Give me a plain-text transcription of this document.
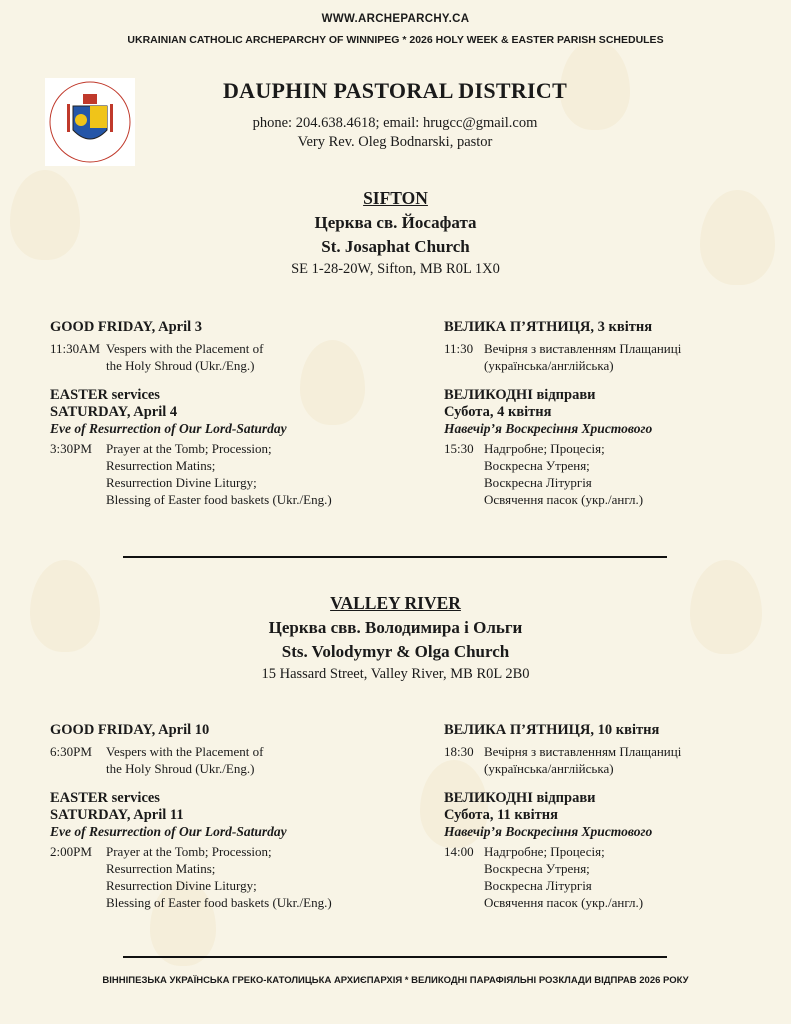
WWW.ARCHEPARCHY.CA
UKRAINIAN CATHOLIC ARCHEPARCHY OF WINNIPEG * 2026 HOLY WEEK & EASTER PARISH SCHEDULES
DAUPHIN PASTORAL DISTRICT
phone: 204.638.4618; email: hrugcc@gmail.com
Very Rev. Oleg Bodnarski, pastor
SIFTON
Церква св. Йосафата
St. Josaphat Church
SE 1-28-20W, Sifton, MB R0L 1X0
GOOD FRIDAY, April 3
11:30AM Vespers with the Placement of
the Holy Shroud (Ukr./Eng.)
EASTER services
SATURDAY, April 4
Eve of Resurrection of Our Lord-Saturday
3:30PM Prayer at the Tomb; Procession;
Resurrection Matins;
Resurrection Divine Liturgy;
Blessing of Easter food baskets (Ukr./Eng.)
ВЕЛИКА П’ЯТНИЦЯ, 3 квітня
11:30 Вечірня з виставленням Плащаниці
(українська/англійська)
ВЕЛИКОДНІ відправи
Субота, 4 квітня
Навечір’я Воскресіння Христового
15:30 Надгробне; Процесія;
Воскресна Утреня;
Воскресна Літургія
Освячення пасок (укр./англ.)
VALLEY RIVER
Церква свв. Володимира і Ольги
Sts. Volodymyr & Olga Church
15 Hassard Street, Valley River, MB R0L 2B0
GOOD FRIDAY, April 10
6:30PM Vespers with the Placement of
the Holy Shroud (Ukr./Eng.)
EASTER services
SATURDAY, April 11
Eve of Resurrection of Our Lord-Saturday
2:00PM Prayer at the Tomb; Procession;
Resurrection Matins;
Resurrection Divine Liturgy;
Blessing of Easter food baskets (Ukr./Eng.)
ВЕЛИКА П’ЯТНИЦЯ, 10 квітня
18:30 Вечірня з виставленням Плащаниці
(українська/англійська)
ВЕЛИКОДНІ відправи
Субота, 11 квітня
Навечір’я Воскресіння Христового
14:00 Надгробне; Процесія;
Воскресна Утреня;
Воскресна Літургія
Освячення пасок (укр./англ.)
ВІННІПЕЗЬКА УКРАЇНСЬКА ГРЕКО-КАТОЛИЦЬКА АРХИЄПАРХІЯ * ВЕЛИКОДНІ ПАРАФІЯЛЬНІ РОЗКЛАДИ ВІДПРАВ 2026 РОКУ
